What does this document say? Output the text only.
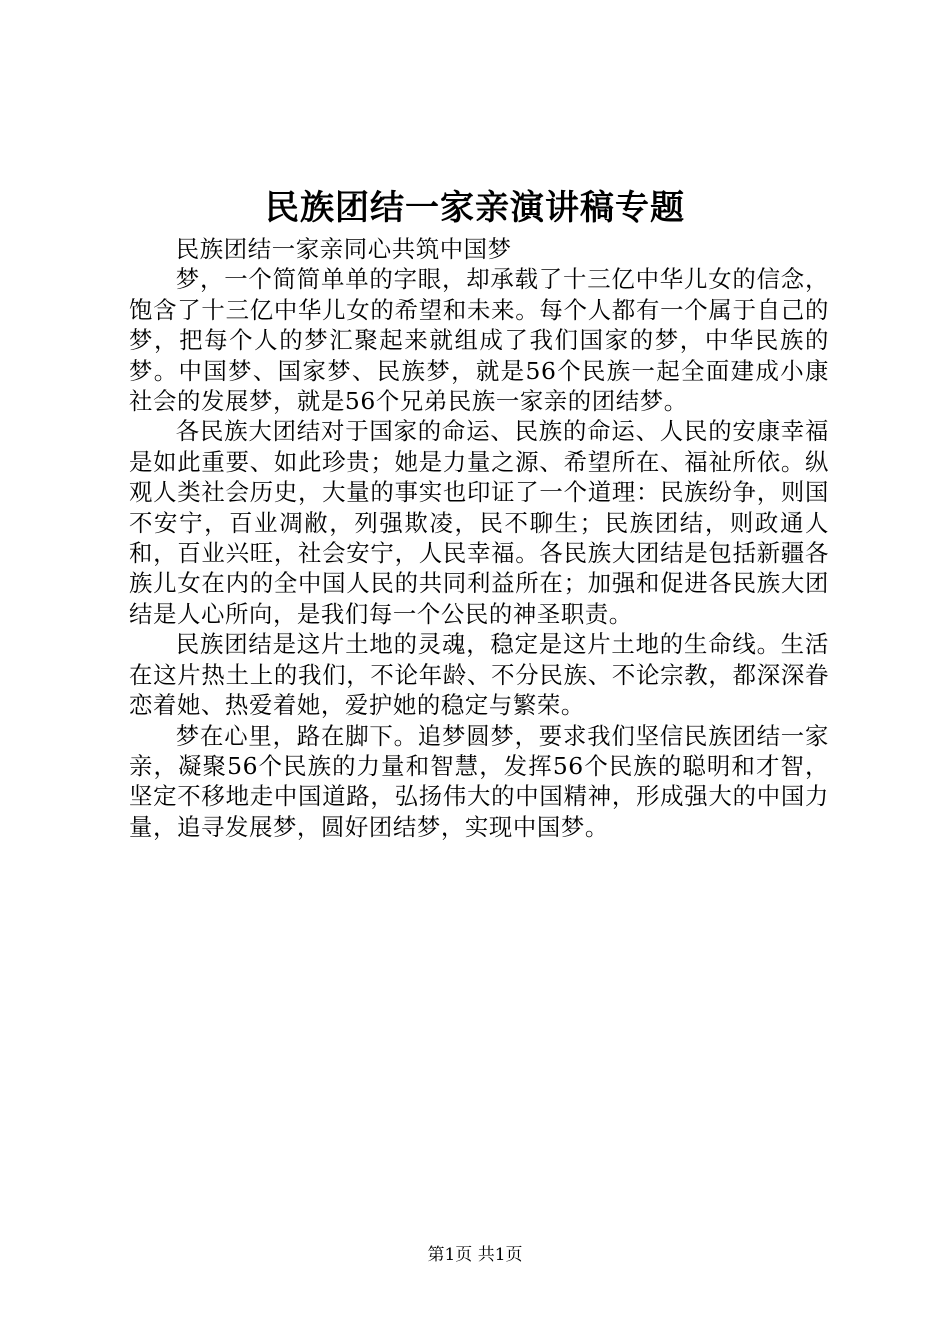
民族团结一家亲演讲稿专题

民族团结一家亲同心共筑中国梦

梦，一个简简单单的字眼，却承载了十三亿中华儿女的信念，饱含了十三亿中华儿女的希望和未来。每个人都有一个属于自己的梦，把每个人的梦汇聚起来就组成了我们国家的梦，中华民族的梦。中国梦、国家梦、民族梦，就是56个民族一起全面建成小康社会的发展梦，就是56个兄弟民族一家亲的团结梦。

各民族大团结对于国家的命运、民族的命运、人民的安康幸福是如此重要、如此珍贵；她是力量之源、希望所在、福祉所依。纵观人类社会历史，大量的事实也印证了一个道理：民族纷争，则国不安宁，百业凋敝，列强欺凌，民不聊生；民族团结，则政通人和，百业兴旺，社会安宁，人民幸福。各民族大团结是包括新疆各族儿女在内的全中国人民的共同利益所在；加强和促进各民族大团结是人心所向，是我们每一个公民的神圣职责。

民族团结是这片土地的灵魂，稳定是这片土地的生命线。生活在这片热土上的我们，不论年龄、不分民族、不论宗教，都深深眷恋着她、热爱着她，爱护她的稳定与繁荣。

梦在心里，路在脚下。追梦圆梦，要求我们坚信民族团结一家亲，凝聚56个民族的力量和智慧，发挥56个民族的聪明和才智，坚定不移地走中国道路，弘扬伟大的中国精神，形成强大的中国力量，追寻发展梦，圆好团结梦，实现中国梦。

第1页 共1页
